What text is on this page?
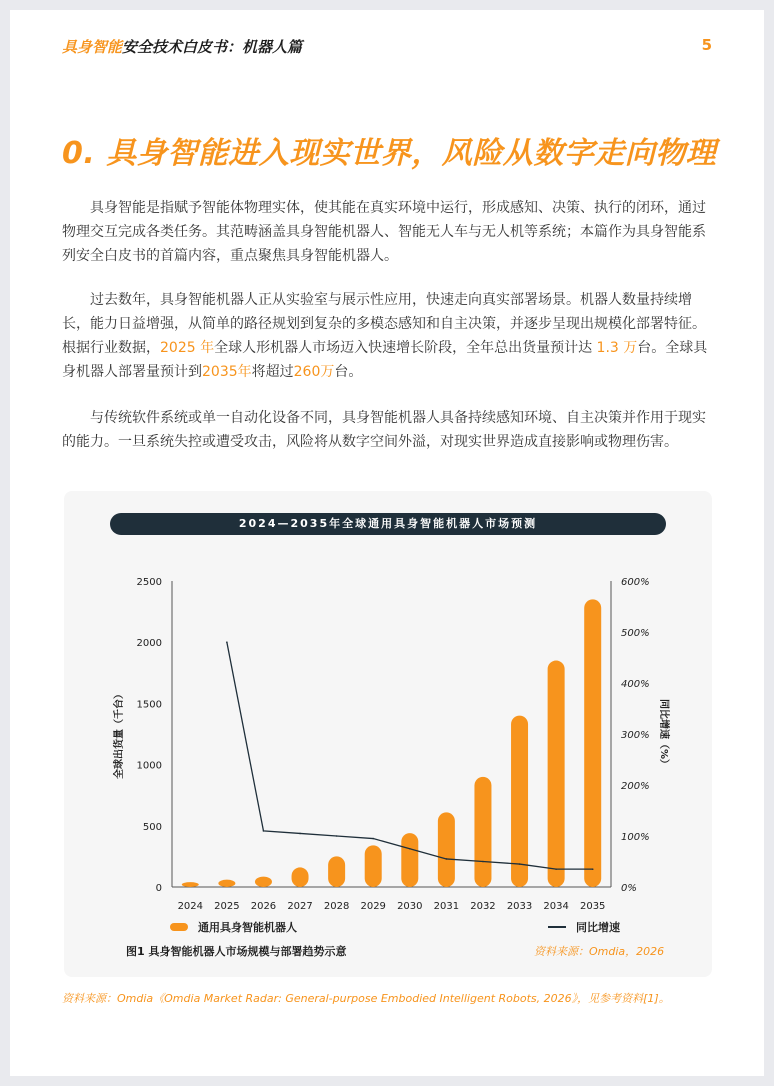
具身智能安全技术白皮书：机器人篇	5
0. 具身智能进入现实世界，风险从数字走向物理

具身智能是指赋予智能体物理实体，使其能在真实环境中运行，形成感知、决策、执行的闭环，通过物理交互完成各类任务。其范畴涵盖具身智能机器人、智能无人车与无人机等系统；本篇作为具身智能系列安全白皮书的首篇内容，重点聚焦具身智能机器人。

过去数年，具身智能机器人正从实验室与展示性应用，快速走向真实部署场景。机器人数量持续增长，能力日益增强，从简单的路径规划到复杂的多模态感知和自主决策，并逐步呈现出规模化部署特征。根据行业数据，2025 年全球人形机器人市场迈入快速增长阶段，全年总出货量预计达 1.3 万台。全球具身机器人部署量预计到2035年将超过260万台。

与传统软件系统或单一自动化设备不同，具身智能机器人具备持续感知环境、自主决策并作用于现实的能力。一旦系统失控或遭受攻击，风险将从数字空间外溢，对现实世界造成直接影响或物理伤害。

0
500
1000
1500
2000
2500
0%
100%
200%
300%
400%
500%
600%
全球出货量（千台）	同比增速（%）
2024 2025 2026 2027 2028 2029 2030 2031 2032 2033 2034 2035
2024—2035年全球通用具身智能机器人市场预测
通用具身智能机器人	同比增速
图1 具身智能机器人市场规模与部署趋势示意	资料来源：Omdia，2026
资料来源：Omdia《Omdia Market Radar: General-purpose Embodied Intelligent Robots, 2026》，见参考资料[1]。
